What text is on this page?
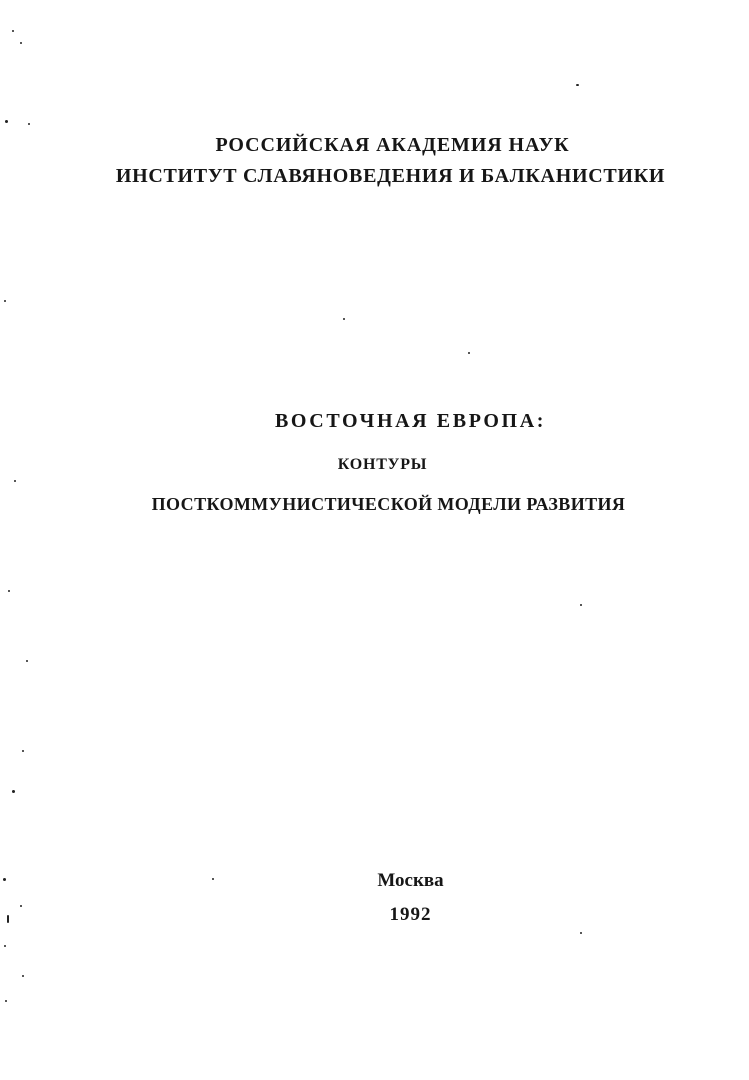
РОССИЙСКАЯ АКАДЕМИЯ НАУК
ИНСТИТУТ СЛАВЯНОВЕДЕНИЯ И БАЛКАНИСТИКИ
ВОСТОЧНАЯ ЕВРОПА:
КОНТУРЫ
ПОСТКОММУНИСТИЧЕСКОЙ МОДЕЛИ РАЗВИТИЯ
Москва
1992
